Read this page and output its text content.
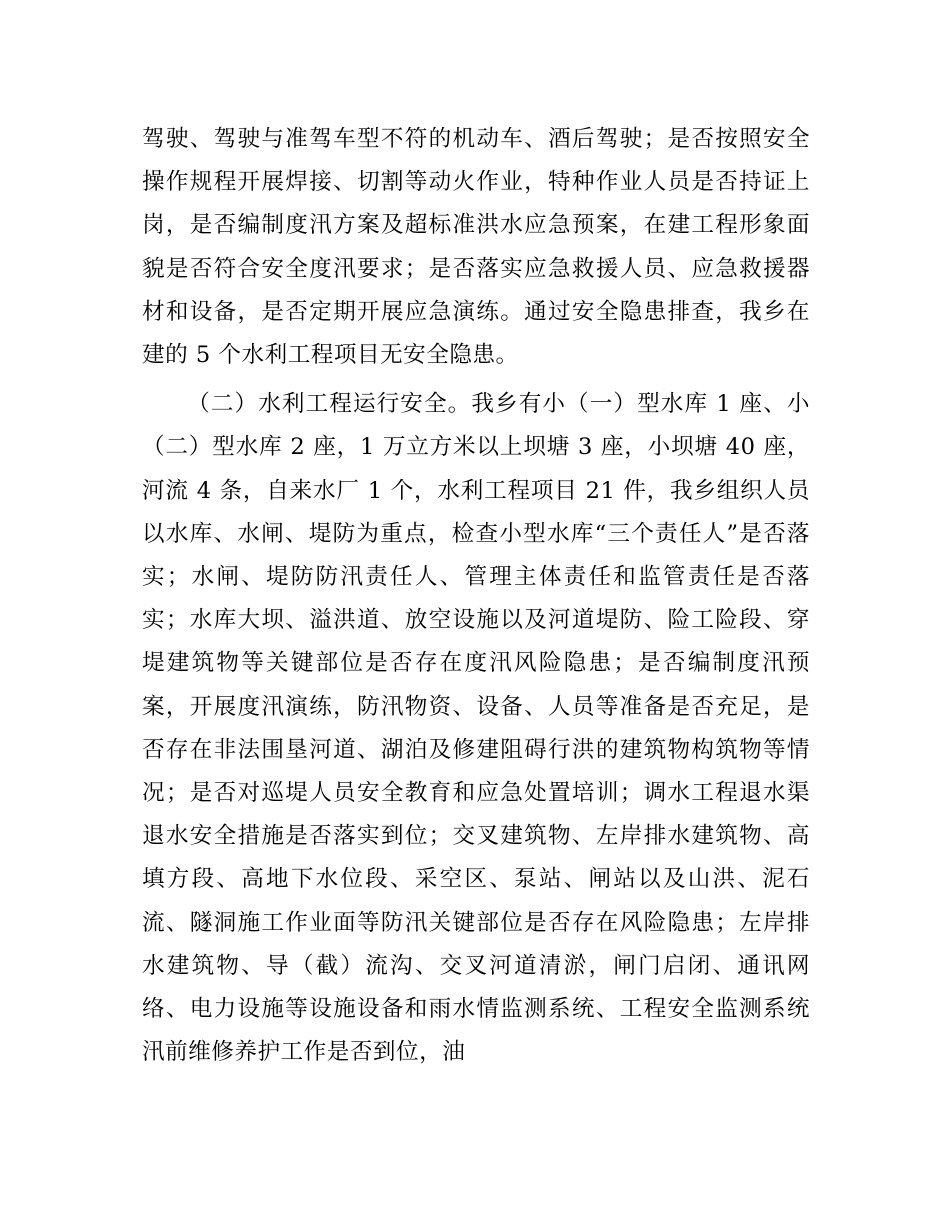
驾驶、驾驶与准驾车型不符的机动车、酒后驾驶；是否按照安全操作规程开展焊接、切割等动火作业，特种作业人员是否持证上岗，是否编制度汛方案及超标准洪水应急预案，在建工程形象面貌是否符合安全度汛要求；是否落实应急救援人员、应急救援器材和设备，是否定期开展应急演练。通过安全隐患排查，我乡在建的 5 个水利工程项目无安全隐患。

（二）水利工程运行安全。我乡有小（一）型水库 1 座、小（二）型水库 2 座，1 万立方米以上坝塘 3 座，小坝塘 40 座，河流 4 条，自来水厂 1 个，水利工程项目 21 件，我乡组织人员以水库、水闸、堤防为重点，检查小型水库“三个责任人”是否落实；水闸、堤防防汛责任人、管理主体责任和监管责任是否落实；水库大坝、溢洪道、放空设施以及河道堤防、险工险段、穿堤建筑物等关键部位是否存在度汛风险隐患；是否编制度汛预案，开展度汛演练，防汛物资、设备、人员等准备是否充足，是否存在非法围垦河道、湖泊及修建阻碍行洪的建筑物构筑物等情况；是否对巡堤人员安全教育和应急处置培训；调水工程退水渠退水安全措施是否落实到位；交叉建筑物、左岸排水建筑物、高填方段、高地下水位段、采空区、泵站、闸站以及山洪、泥石流、隧洞施工作业面等防汛关键部位是否存在风险隐患；左岸排水建筑物、导（截）流沟、交叉河道清淤，闸门启闭、通讯网络、电力设施等设施设备和雨水情监测系统、工程安全监测系统汛前维修养护工作是否到位，油
